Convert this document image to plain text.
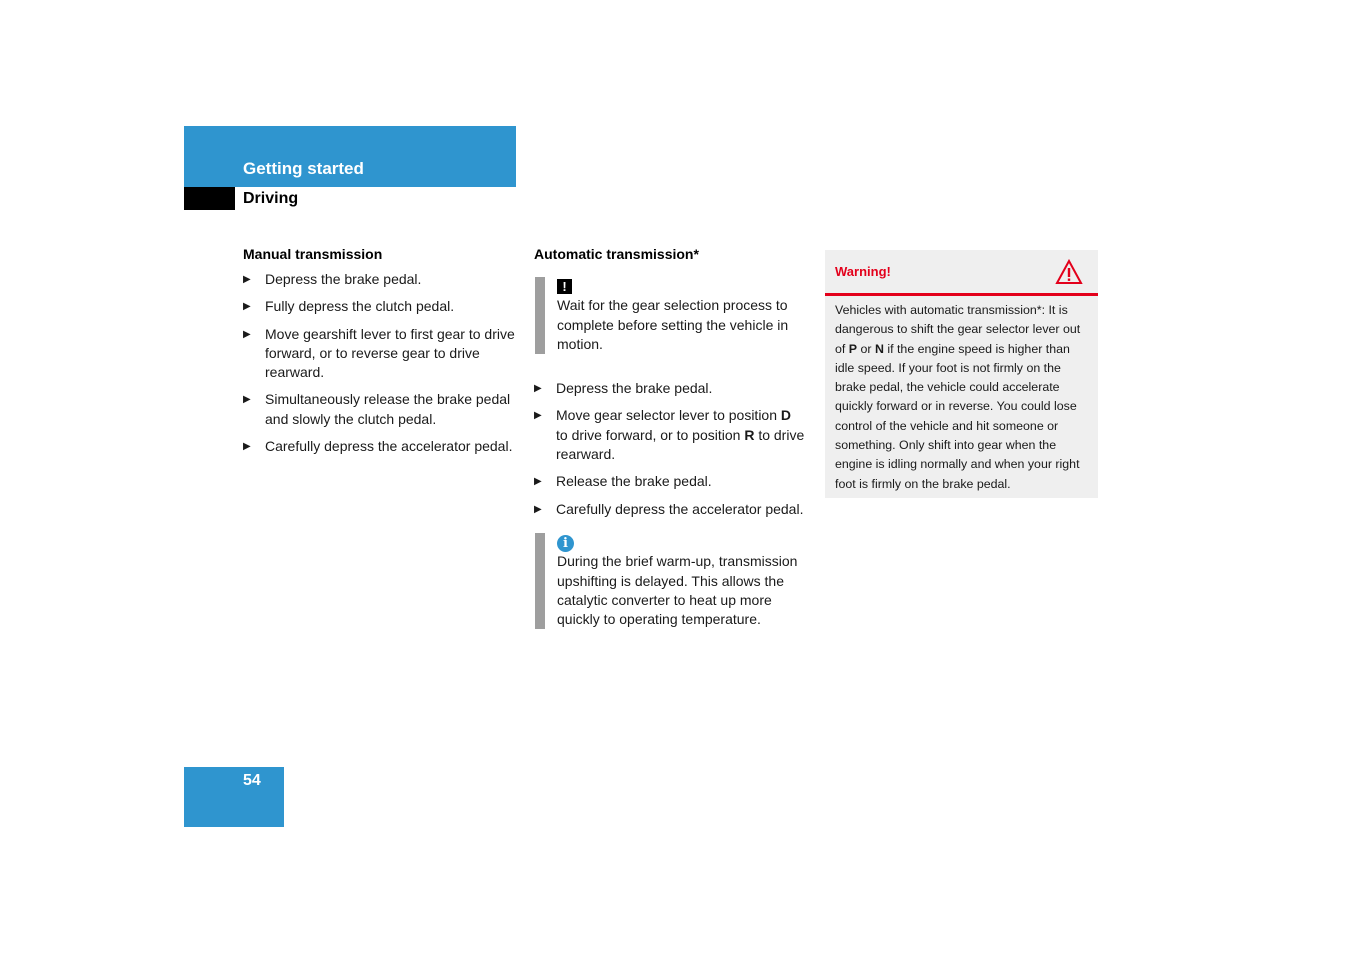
Getting started
Driving
Manual transmission
▶	Depress the brake pedal.
▶	Fully depress the clutch pedal.
▶	Move gearshift lever to first gear to drive forward, or to reverse gear to drive rearward.
▶	Simultaneously release the brake pedal and slowly the clutch pedal.
▶	Carefully depress the accelerator pedal.
Automatic transmission*
!
Wait for the gear selection process to complete before setting the vehicle in motion.
▶	Depress the brake pedal.
▶	Move gear selector lever to position D to drive forward, or to position R to drive rearward.
▶	Release the brake pedal.
▶	Carefully depress the accelerator pedal.
i
During the brief warm-up, transmission upshifting is delayed. This allows the catalytic converter to heat up more quickly to operating temperature.
Warning!
Vehicles with automatic transmission*: It is dangerous to shift the gear selector lever out of P or N if the engine speed is higher than idle speed. If your foot is not firmly on the brake pedal, the vehicle could accelerate quickly forward or in reverse. You could lose control of the vehicle and hit someone or something. Only shift into gear when the engine is idling normally and when your right foot is firmly on the brake pedal.
54
